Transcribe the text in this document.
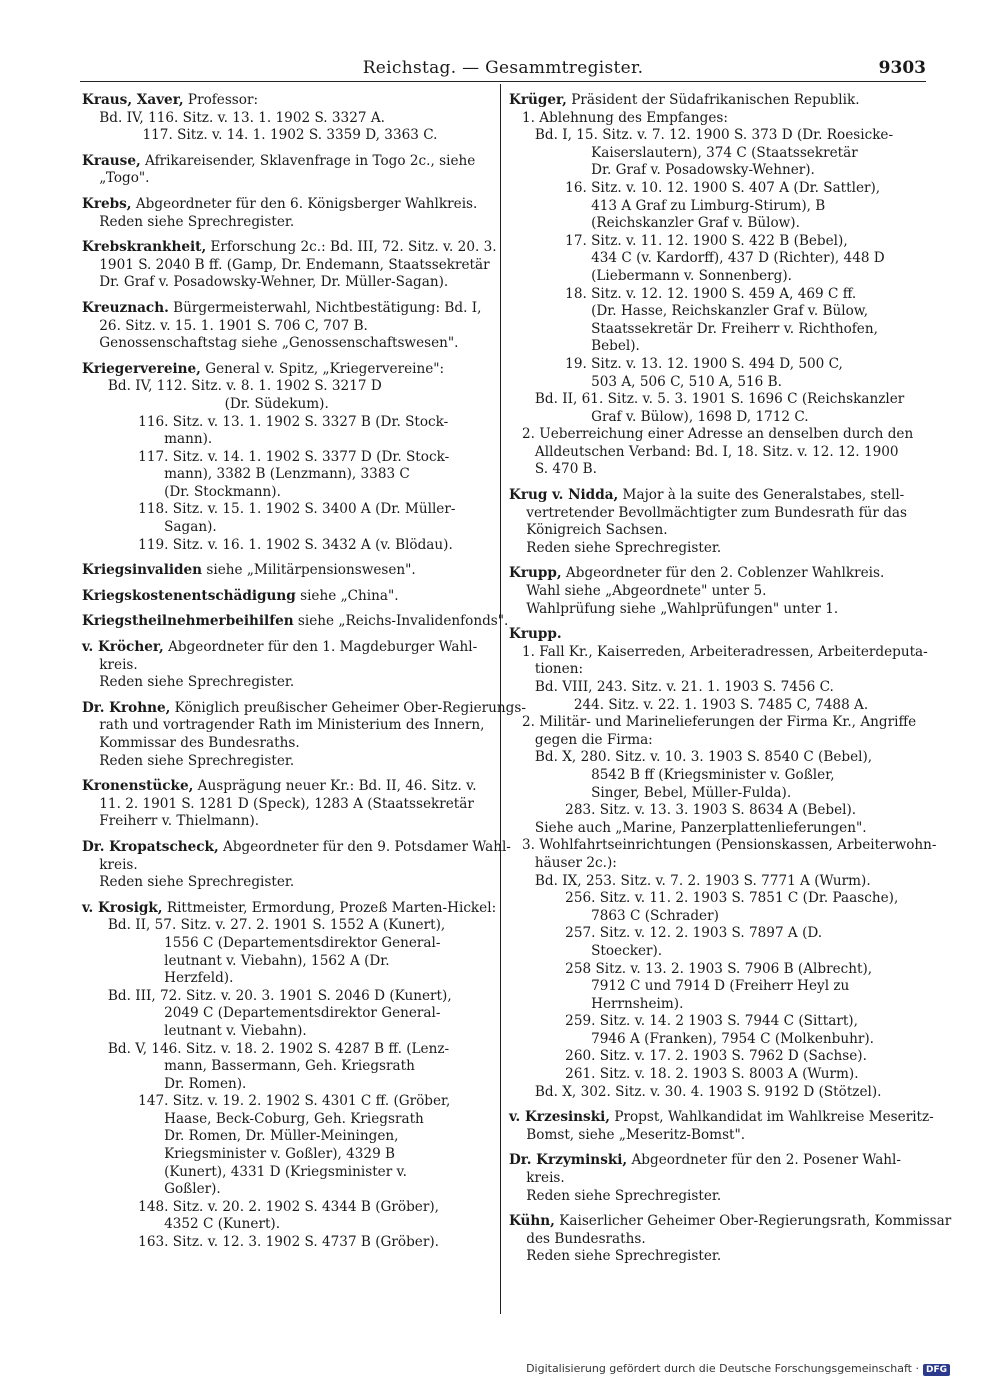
Reichstag. — Gesammtregister.	9303
Kraus, Xaver, Professor:
Bd. IV, 116. Sitz. v. 13. 1. 1902 S. 3327 A.
117. Sitz. v. 14. 1. 1902 S. 3359 D, 3363 C.
Krause, Afrikareisender, Sklavenfrage in Togo 2c., siehe
„Togo".
Krebs, Abgeordneter für den 6. Königsberger Wahlkreis.
Reden siehe Sprechregister.
Krebskrankheit, Erforschung 2c.: Bd. III, 72. Sitz. v. 20. 3.
1901 S. 2040 B ff. (Gamp, Dr. Endemann, Staatssekretär
Dr. Graf v. Posadowsky-Wehner, Dr. Müller-Sagan).
Kreuznach. Bürgermeisterwahl, Nichtbestätigung: Bd. I,
26. Sitz. v. 15. 1. 1901 S. 706 C, 707 B.
Genossenschaftstag siehe „Genossenschaftswesen".
Kriegervereine, General v. Spitz, „Kriegervereine":
Bd. IV, 112. Sitz. v. 8. 1. 1902 S. 3217 D
(Dr. Südekum).
116. Sitz. v. 13. 1. 1902 S. 3327 B (Dr. Stock-
mann).
117. Sitz. v. 14. 1. 1902 S. 3377 D (Dr. Stock-
mann), 3382 B (Lenzmann), 3383 C
(Dr. Stockmann).
118. Sitz. v. 15. 1. 1902 S. 3400 A (Dr. Müller-
Sagan).
119. Sitz. v. 16. 1. 1902 S. 3432 A (v. Blödau).
Kriegsinvaliden siehe „Militärpensionswesen".
Kriegskostenentschädigung siehe „China".
Kriegstheilnehmerbeihilfen siehe „Reichs-Invalidenfonds".
v. Kröcher, Abgeordneter für den 1. Magdeburger Wahl-
kreis.
Reden siehe Sprechregister.
Dr. Krohne, Königlich preußischer Geheimer Ober-Regierungs-
rath und vortragender Rath im Ministerium des Innern,
Kommissar des Bundesraths.
Reden siehe Sprechregister.
Kronenstücke, Ausprägung neuer Kr.: Bd. II, 46. Sitz. v.
11. 2. 1901 S. 1281 D (Speck), 1283 A (Staatssekretär
Freiherr v. Thielmann).
Dr. Kropatscheck, Abgeordneter für den 9. Potsdamer Wahl-
kreis.
Reden siehe Sprechregister.
v. Krosigk, Rittmeister, Ermordung, Prozeß Marten-Hickel:
Bd. II, 57. Sitz. v. 27. 2. 1901 S. 1552 A (Kunert),
1556 C (Departementsdirektor General-
leutnant v. Viebahn), 1562 A (Dr.
Herzfeld).
Bd. III, 72. Sitz. v. 20. 3. 1901 S. 2046 D (Kunert),
2049 C (Departementsdirektor General-
leutnant v. Viebahn).
Bd. V, 146. Sitz. v. 18. 2. 1902 S. 4287 B ff. (Lenz-
mann, Bassermann, Geh. Kriegsrath
Dr. Romen).
147. Sitz. v. 19. 2. 1902 S. 4301 C ff. (Gröber,
Haase, Beck-Coburg, Geh. Kriegsrath
Dr. Romen, Dr. Müller-Meiningen,
Kriegsminister v. Goßler), 4329 B
(Kunert), 4331 D (Kriegsminister v.
Goßler).
148. Sitz. v. 20. 2. 1902 S. 4344 B (Gröber),
4352 C (Kunert).
163. Sitz. v. 12. 3. 1902 S. 4737 B (Gröber).
Krüger, Präsident der Südafrikanischen Republik.
1. Ablehnung des Empfanges:
Bd. I, 15. Sitz. v. 7. 12. 1900 S. 373 D (Dr. Roesicke-
Kaiserslautern), 374 C (Staatssekretär
Dr. Graf v. Posadowsky-Wehner).
16. Sitz. v. 10. 12. 1900 S. 407 A (Dr. Sattler),
413 A Graf zu Limburg-Stirum), B
(Reichskanzler Graf v. Bülow).
17. Sitz. v. 11. 12. 1900 S. 422 B (Bebel),
434 C (v. Kardorff), 437 D (Richter), 448 D
(Liebermann v. Sonnenberg).
18. Sitz. v. 12. 12. 1900 S. 459 A, 469 C ff.
(Dr. Hasse, Reichskanzler Graf v. Bülow,
Staatssekretär Dr. Freiherr v. Richthofen,
Bebel).
19. Sitz. v. 13. 12. 1900 S. 494 D, 500 C,
503 A, 506 C, 510 A, 516 B.
Bd. II, 61. Sitz. v. 5. 3. 1901 S. 1696 C (Reichskanzler
Graf v. Bülow), 1698 D, 1712 C.
2. Ueberreichung einer Adresse an denselben durch den
Alldeutschen Verband: Bd. I, 18. Sitz. v. 12. 12. 1900
S. 470 B.
Krug v. Nidda, Major à la suite des Generalstabes, stell-
vertretender Bevollmächtigter zum Bundesrath für das
Königreich Sachsen.
Reden siehe Sprechregister.
Krupp, Abgeordneter für den 2. Coblenzer Wahlkreis.
Wahl siehe „Abgeordnete" unter 5.
Wahlprüfung siehe „Wahlprüfungen" unter 1.
Krupp.
1. Fall Kr., Kaiserreden, Arbeiteradressen, Arbeiterdeputa-
tionen:
Bd. VIII, 243. Sitz. v. 21. 1. 1903 S. 7456 C.
244. Sitz. v. 22. 1. 1903 S. 7485 C, 7488 A.
2. Militär- und Marinelieferungen der Firma Kr., Angriffe
gegen die Firma:
Bd. X, 280. Sitz. v. 10. 3. 1903 S. 8540 C (Bebel),
8542 B ff (Kriegsminister v. Goßler,
Singer, Bebel, Müller-Fulda).
283. Sitz. v. 13. 3. 1903 S. 8634 A (Bebel).
Siehe auch „Marine, Panzerplattenlieferungen".
3. Wohlfahrtseinrichtungen (Pensionskassen, Arbeiterwohn-
häuser 2c.):
Bd. IX, 253. Sitz. v. 7. 2. 1903 S. 7771 A (Wurm).
256. Sitz. v. 11. 2. 1903 S. 7851 C (Dr. Paasche),
7863 C (Schrader)
257. Sitz. v. 12. 2. 1903 S. 7897 A (D.
Stoecker).
258 Sitz. v. 13. 2. 1903 S. 7906 B (Albrecht),
7912 C und 7914 D (Freiherr Heyl zu
Herrnsheim).
259. Sitz. v. 14. 2 1903 S. 7944 C (Sittart),
7946 A (Franken), 7954 C (Molkenbuhr).
260. Sitz. v. 17. 2. 1903 S. 7962 D (Sachse).
261. Sitz. v. 18. 2. 1903 S. 8003 A (Wurm).
Bd. X, 302. Sitz. v. 30. 4. 1903 S. 9192 D (Stötzel).
v. Krzesinski, Propst, Wahlkandidat im Wahlkreise Meseritz-
Bomst, siehe „Meseritz-Bomst".
Dr. Krzyminski, Abgeordneter für den 2. Posener Wahl-
kreis.
Reden siehe Sprechregister.
Kühn, Kaiserlicher Geheimer Ober-Regierungsrath, Kommissar
des Bundesraths.
Reden siehe Sprechregister.
Digitalisierung gefördert durch die Deutsche Forschungsgemeinschaft · DFG
